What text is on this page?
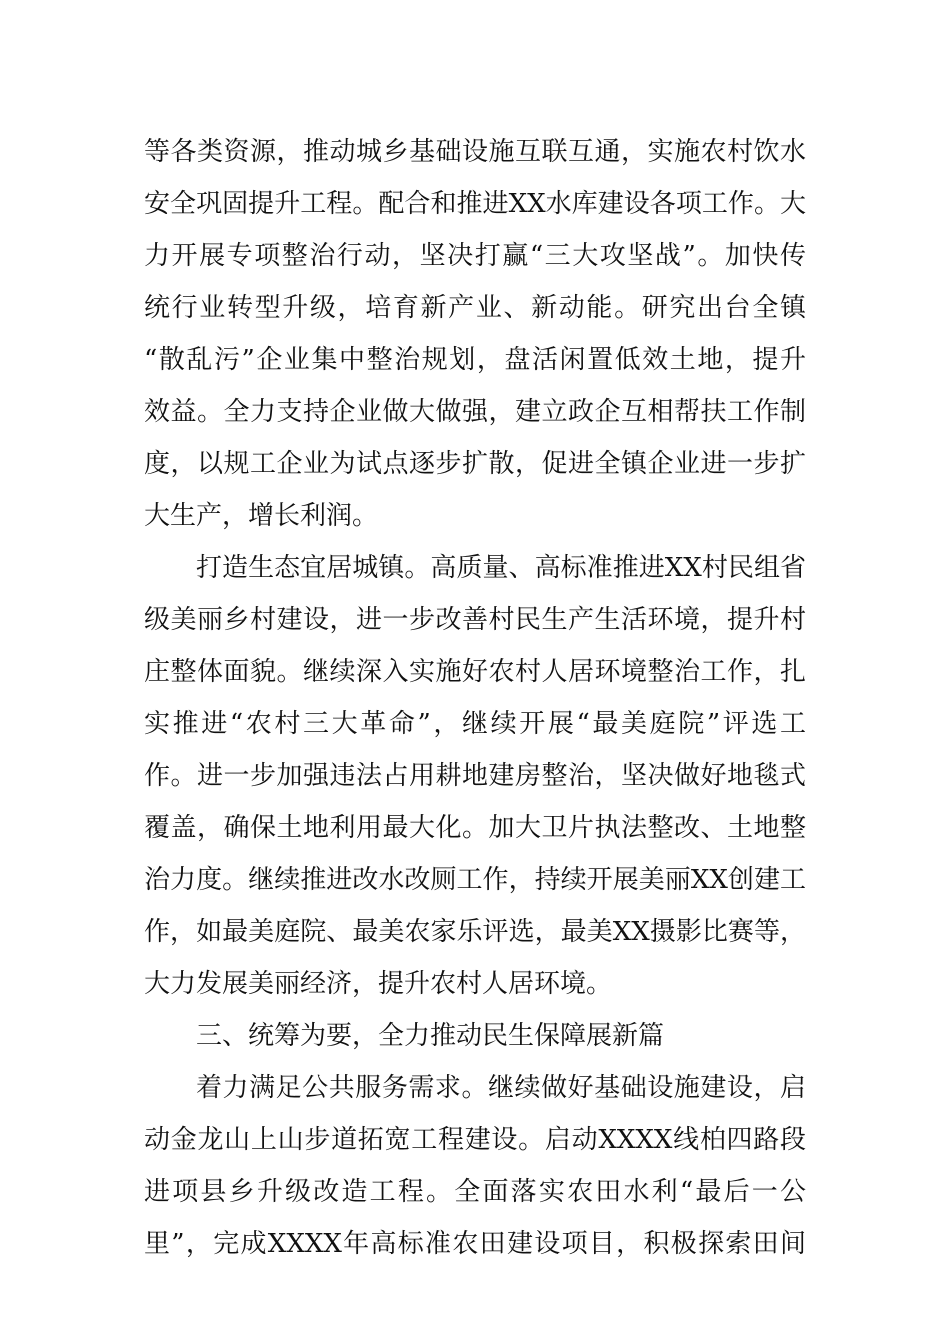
等各类资源，推动城乡基础设施互联互通，实施农村饮水
安全巩固提升工程。配合和推进XX水库建设各项工作。大
力开展专项整治行动，坚决打赢“三大攻坚战”。加快传
统行业转型升级，培育新产业、新动能。研究出台全镇
“散乱污”企业集中整治规划，盘活闲置低效土地，提升
效益。全力支持企业做大做强，建立政企互相帮扶工作制
度，以规工企业为试点逐步扩散，促进全镇企业进一步扩
大生产，增长利润。
打造生态宜居城镇。高质量、高标准推进XX村民组省
级美丽乡村建设，进一步改善村民生产生活环境，提升村
庄整体面貌。继续深入实施好农村人居环境整治工作，扎
实推进“农村三大革命”，继续开展“最美庭院”评选工
作。进一步加强违法占用耕地建房整治，坚决做好地毯式
覆盖，确保土地利用最大化。加大卫片执法整改、土地整
治力度。继续推进改水改厕工作，持续开展美丽XX创建工
作，如最美庭院、最美农家乐评选，最美XX摄影比赛等，
大力发展美丽经济，提升农村人居环境。
三、统筹为要，全力推动民生保障展新篇
着力满足公共服务需求。继续做好基础设施建设，启
动金龙山上山步道拓宽工程建设。启动XXXX线柏四路段
进项县乡升级改造工程。全面落实农田水利“最后一公
里”，完成XXXX年高标准农田建设项目，积极探索田间
